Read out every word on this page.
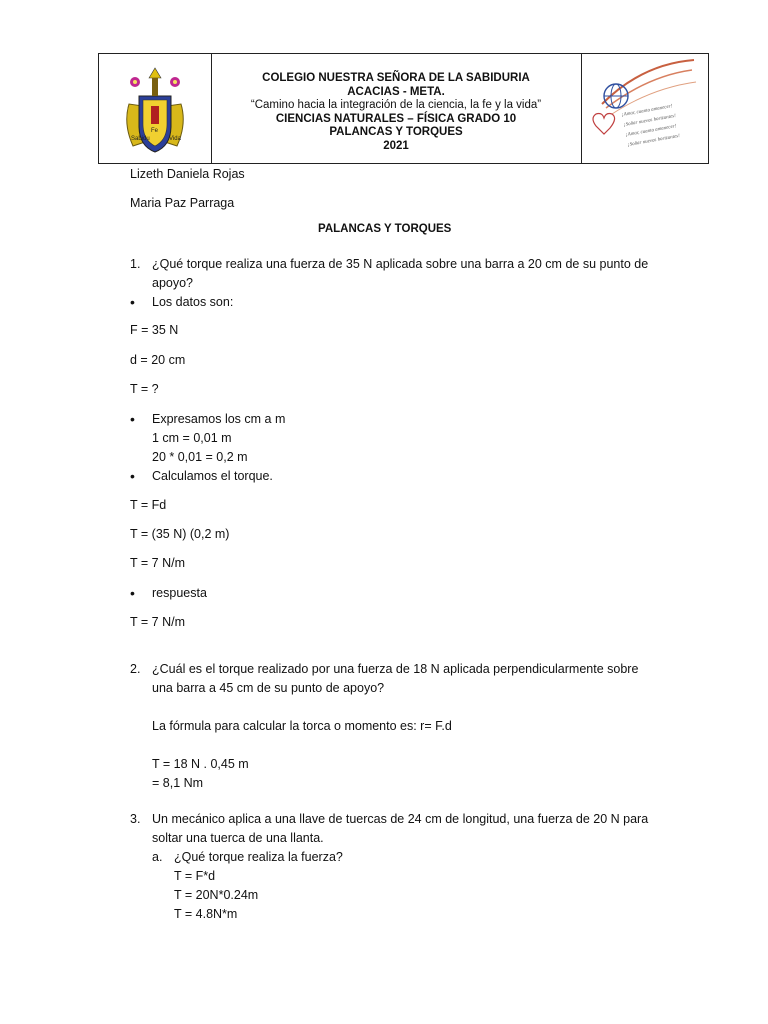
Sabidu
Fe
Vida
COLEGIO NUESTRA SEÑORA DE LA SABIDURIA
ACACIAS - META.
“Camino hacia la integración de la ciencia, la fe y la vida”
CIENCIAS NATURALES – FÍSICA GRADO 10
PALANCAS Y TORQUES
2021
¡Amar, cuanto amanecer!
¡Soñar nuevos horizontes!
¡Amar, cuanto amanecer!
¡Soñar nuevos horizontes!
Lizeth Daniela Rojas
Maria Paz Parraga
PALANCAS Y TORQUES
1. ¿Qué torque realiza una fuerza de 35 N aplicada sobre una barra a 20 cm de su punto de
apoyo?
• Los datos son:
F = 35 N
d = 20 cm
T = ?
• Expresamos los cm a m
1 cm = 0,01 m
20 * 0,01 = 0,2 m
• Calculamos el torque.
T = Fd
T = (35 N) (0,2 m)
T = 7 N/m
• respuesta
T = 7 N/m
2. ¿Cuál es el torque realizado por una fuerza de 18 N aplicada perpendicularmente sobre
una barra a 45 cm de su punto de apoyo?
La fórmula para calcular la torca o momento es: r= F.d
T = 18 N . 0,45 m
= 8,1 Nm
3. Un mecánico aplica a una llave de tuercas de 24 cm de longitud, una fuerza de 20 N para
soltar una tuerca de una llanta.
a. ¿Qué torque realiza la fuerza?
T = F*d
T = 20N*0.24m
T = 4.8N*m
